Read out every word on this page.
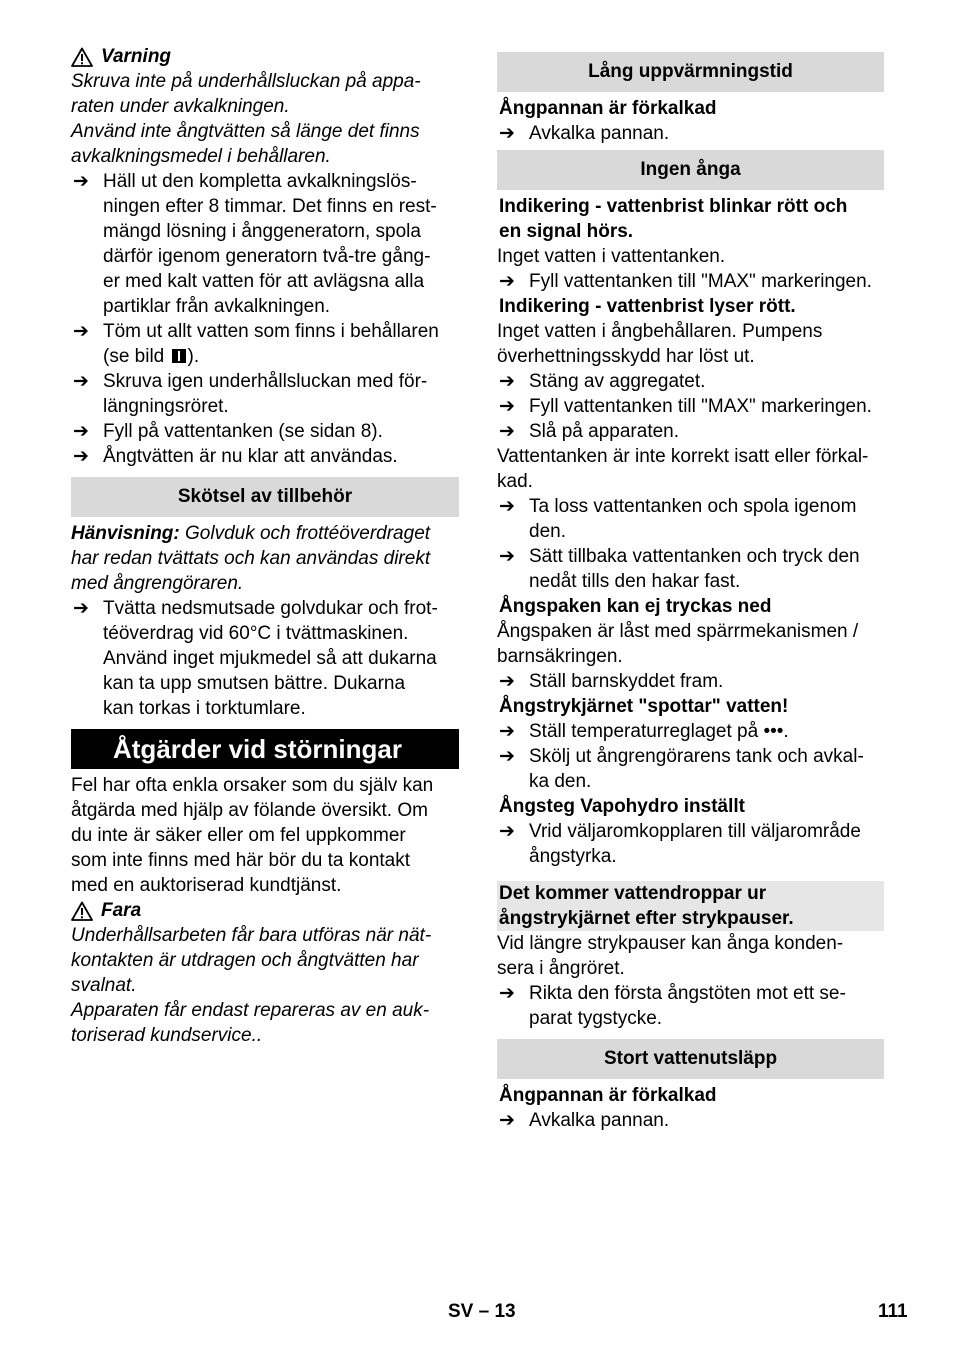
Varning

Skruva inte på underhållsluckan på appa-

raten under avkalkningen.

Använd inte ångtvätten så länge det finns

avkalkningsmedel i behållaren.

➔ Häll ut den kompletta avkalkningslös-

ningen efter 8 timmar. Det finns en rest-

mängd lösning i ånggeneratorn, spola

därför igenom generatorn två-tre gång-

er med kalt vatten för att avlägsna alla

partiklar från avkalkningen.

➔ Töm ut allt vatten som finns i behållaren

(se bild ).

➔ Skruva igen underhållsluckan med för-

längningsröret.

➔ Fyll på vattentanken (se sidan 8).

➔ Ångtvätten är nu klar att användas.

Skötsel av tillbehör

Hänvisning: Golvduk och frottéöverdraget

har redan tvättats och kan användas direkt

med ångrengöraren.

➔ Tvätta nedsmutsade golvdukar och frot-

téöverdrag vid 60°C i tvättmaskinen.

Använd inget mjukmedel så att dukarna

kan ta upp smutsen bättre. Dukarna

kan torkas i torktumlare.

Åtgärder vid störningar

Fel har ofta enkla orsaker som du själv kan

åtgärda med hjälp av fölande översikt. Om

du inte är säker eller om fel uppkommer

som inte finns med här bör du ta kontakt

med en auktoriserad kundtjänst.

Fara

Underhållsarbeten får bara utföras när nät-

kontakten är utdragen och ångtvätten har

svalnat.

Apparaten får endast repareras av en auk-

toriserad kundservice..

Lång uppvärmningstid

Ångpannan är förkalkad

➔ Avkalka pannan.

Ingen ånga

Indikering - vattenbrist blinkar rött och

en signal hörs.

Inget vatten i vattentanken.

➔ Fyll vattentanken till "MAX" markeringen.

Indikering - vattenbrist lyser rött.

Inget vatten i ångbehållaren. Pumpens

överhettningsskydd har löst ut.

➔ Stäng av aggregatet.

➔ Fyll vattentanken till "MAX" markeringen.

➔ Slå på apparaten.

Vattentanken är inte korrekt isatt eller förkal-

kad.

➔ Ta loss vattentanken och spola igenom

den.

➔ Sätt tillbaka vattentanken och tryck den

nedåt tills den hakar fast.

Ångspaken kan ej tryckas ned

Ångspaken är låst med spärrmekanismen /

barnsäkringen.

➔ Ställ barnskyddet fram.

Ångstrykjärnet "spottar" vatten!

➔ Ställ temperaturreglaget på •••.

➔ Skölj ut ångrengörarens tank och avkal-

ka den.

Ångsteg Vapohydro inställt

➔ Vrid väljaromkopplaren till väljarområde

ångstyrka.

Det kommer vattendroppar ur

ångstrykjärnet efter strykpauser.

Vid längre strykpauser kan ånga konden-

sera i ångröret.

➔ Rikta den första ångstöten mot ett se-

parat tygstycke.

Stort vattenutsläpp

Ångpannan är förkalkad

➔ Avkalka pannan.

SV – 13	111
